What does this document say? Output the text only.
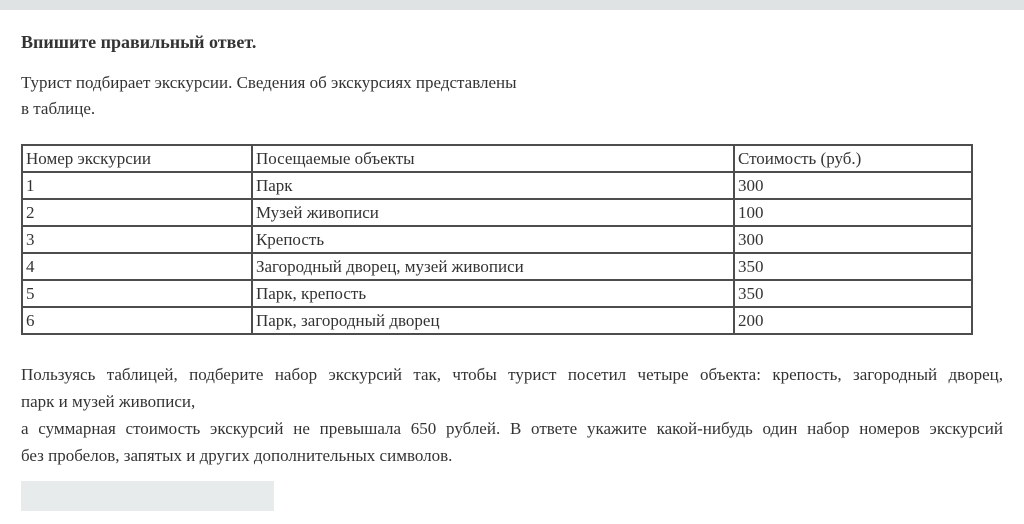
Впишите правильный ответ.

Турист подбирает экскурсии. Сведения об экскурсиях представлены
в таблице.

Номер экскурсии	Посещаемые объекты	Стоимость (руб.)
1	Парк	300
2	Музей живописи	100
3	Крепость	300
4	Загородный дворец, музей живописи	350
5	Парк, крепость	350
6	Парк, загородный дворец	200

Пользуясь таблицей, подберите набор экскурсий так, чтобы турист посетил четыре объекта: крепость, загородный дворец,
парк и музей живописи,
а суммарная стоимость экскурсий не превышала 650 рублей. В ответе укажите какой-нибудь один набор номеров экскурсий
без пробелов, запятых и других дополнительных символов.
